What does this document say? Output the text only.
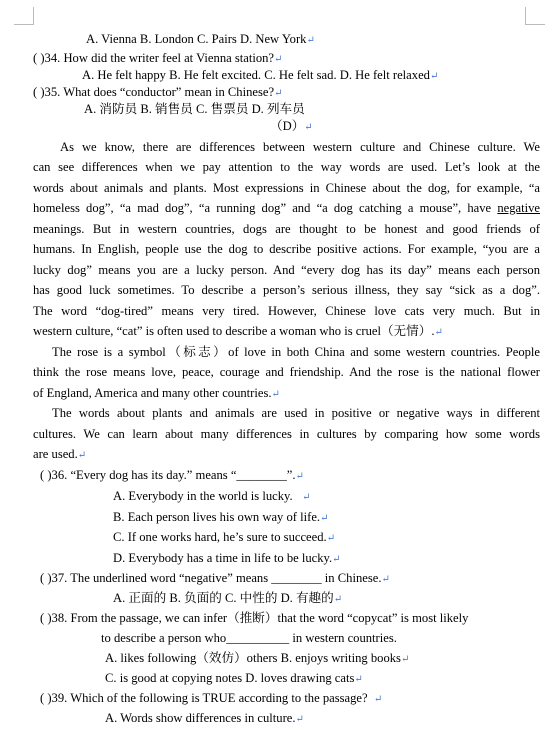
A. Vienna B. London C. Pairs D. New York↵
( )34. How did the writer feel at Vienna station?↵
A. He felt happy B. He felt excited. C. He felt sad. D. He felt relaxed↵
( )35. What does “conductor” mean in Chinese?↵
A. 消防员 B. 销售员 C. 售票员 D. 列车员
（D）↵
As we know, there are differences between western culture and Chinese culture. We
can see differences when we pay attention to the way words are used. Let’s look at the
words about animals and plants. Most expressions in Chinese about the dog, for example, “a
homeless dog”, “a mad dog”, “a running dog” and “a dog catching a mouse”, have negative
meanings. But in western countries, dogs are thought to be honest and good friends of
humans. In English, people use the dog to describe positive actions. For example, “you are a
lucky dog” means you are a lucky person. And “every dog has its day” means each person
has good luck sometimes. To describe a person’s serious illness, they say “sick as a dog”.
The word “dog-tired” means very tired. However, Chinese love cats very much. But in
western culture, “cat” is often used to describe a woman who is cruel（无情）.↵
The rose is a symbol（标志）of love in both China and some western countries. People
think the rose means love, peace, courage and friendship. And the rose is the national flower
of England, America and many other countries.↵
The words about plants and animals are used in positive or negative ways in different
cultures. We can learn about many differences in cultures by comparing how some words
are used.↵
( )36. “Every dog has its day.” means “________”.↵
A. Everybody in the world is lucky. ↵
B. Each person lives his own way of life.↵
C. If one works hard, he’s sure to succeed.↵
D. Everybody has a time in life to be lucky.↵
( )37. The underlined word “negative” means ________ in Chinese.↵
A. 正面的 B. 负面的 C. 中性的 D. 有趣的↵
( )38. From the passage, we can infer（推断）that the word “copycat” is most likely
to describe a person who__________ in western countries.
A. likes following（效仿）others B. enjoys writing books↵
C. is good at copying notes D. loves drawing cats↵
( )39. Which of the following is TRUE according to the passage? ↵
A. Words show differences in culture.↵
